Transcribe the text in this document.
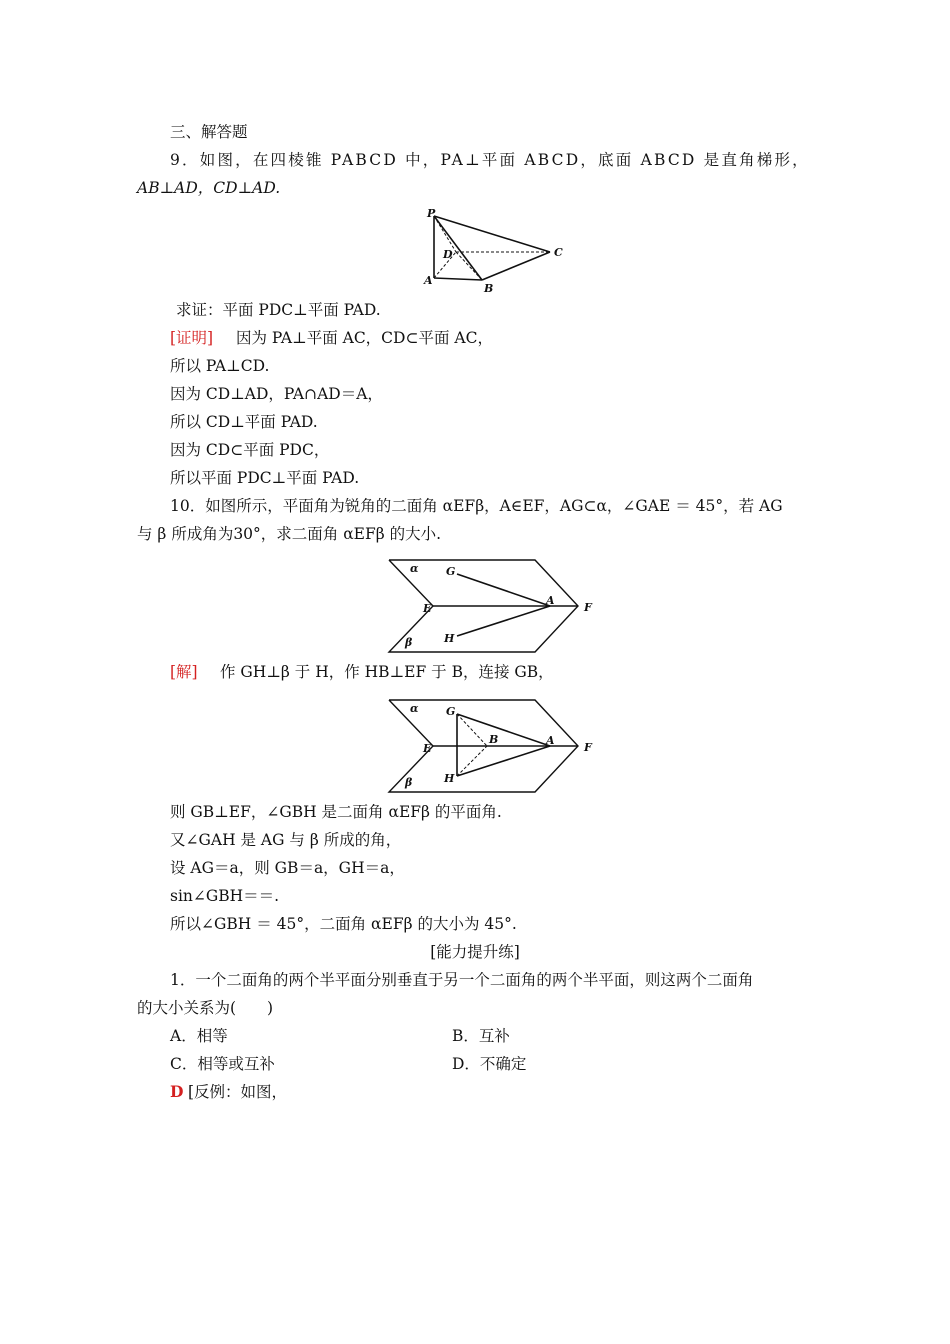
三、解答题
9．如图，在四棱锥 PABCD 中，PA⊥平面 ABCD，底面 ABCD 是直角梯形，
AB⊥AD，CD⊥AD.
P
D	C
A
B
求证：平面 PDC⊥平面 PAD.
[证明] 因为 PA⊥平面 AC，CD⊂平面 AC，
所以 PA⊥CD.
因为 CD⊥AD，PA∩AD＝A，
所以 CD⊥平面 PAD.
因为 CD⊂平面 PDC，
所以平面 PDC⊥平面 PAD.
10．如图所示，平面角为锐角的二面角 αEFβ，A∈EF，AG⊂α，∠GAE ＝ 45°，若 AG
与 β 所成角为30°，求二面角 αEFβ 的大小.
α	G
E
A
F
H
β
[解] 作 GH⊥β 于 H，作 HB⊥EF 于 B，连接 GB，
α	G
B
E
A
F
H
β
则 GB⊥EF，∠GBH 是二面角 αEFβ 的平面角.
又∠GAH 是 AG 与 β 所成的角，
设 AG＝a，则 GB＝a，GH＝a，
sin∠GBH＝＝.
所以∠GBH ＝ 45°，二面角 αEFβ 的大小为 45°.
[能力提升练]
1．一个二面角的两个半平面分别垂直于另一个二面角的两个半平面，则这两个二面角
的大小关系为(　　)
A．相等	B．互补
C．相等或互补	D．不确定
D [反例：如图，
